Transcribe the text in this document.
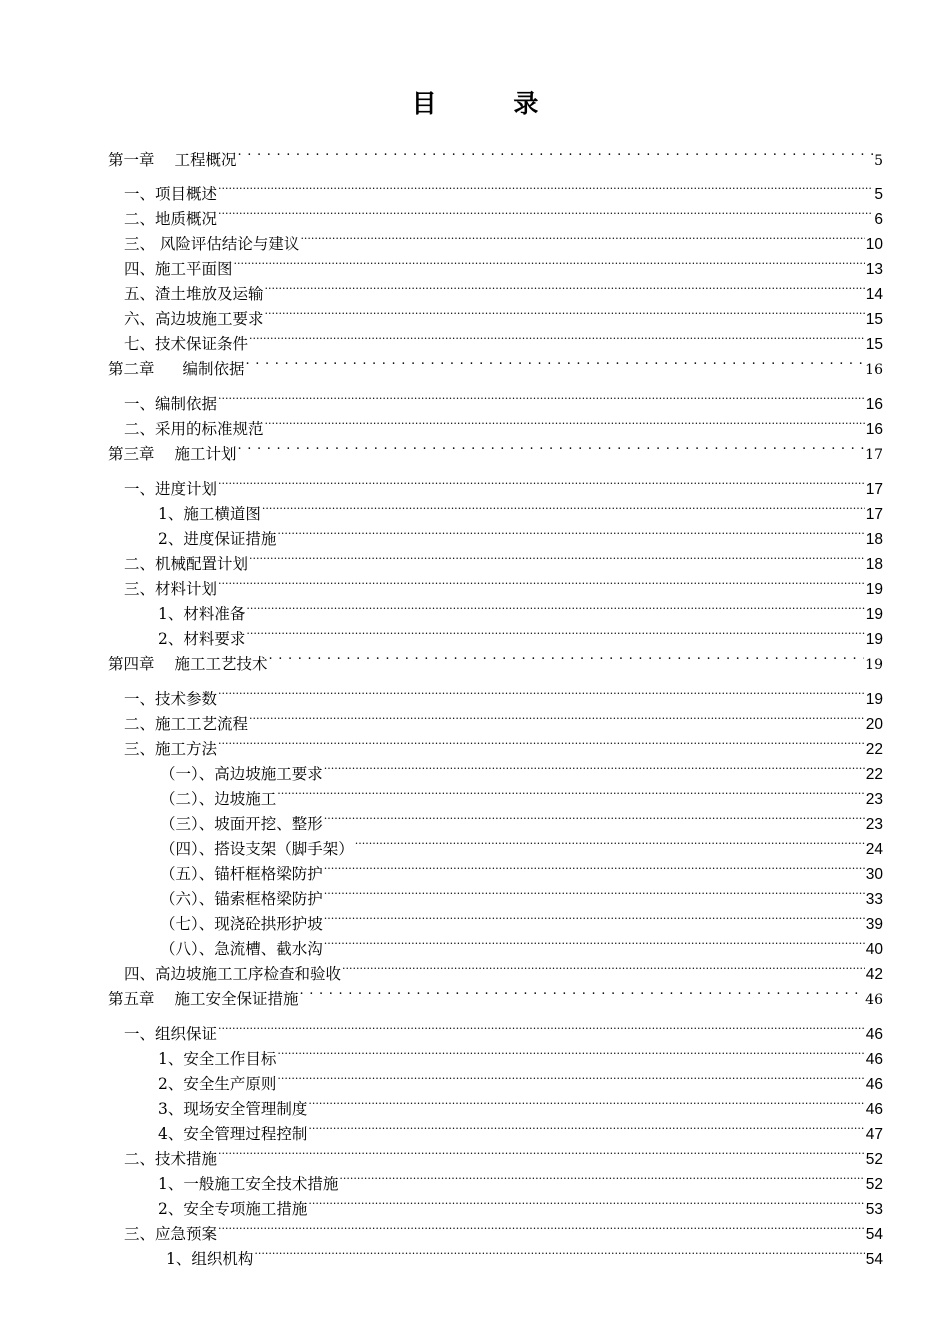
目 录
第一章 工程概况 .....	5
一、项目概述 .....	5
二、地质概况 .....	6
三、 风险评估结论与建议 .....	10
四、施工平面图 .....	13
五、渣土堆放及运输 .....	14
六、高边坡施工要求 .....	15
七、技术保证条件 .....	15
第二章 编制依据 .....	16
一、编制依据 .....	16
二、采用的标准规范 .....	16
第三章 施工计划 .....	17
一、进度计划 .....	17
1、施工横道图 .....	17
2、进度保证措施 .....	18
二、机械配置计划 .....	18
三、材料计划 .....	19
1、材料准备 .....	19
2、材料要求 .....	19
第四章 施工工艺技术 .....	19
一、技术参数 .....	19
二、施工工艺流程 .....	20
三、施工方法 .....	22
（一）、高边坡施工要求 .....	22
（二）、边坡施工 .....	23
（三）、坡面开挖、整形 .....	23
（四）、搭设支架（脚手架） .....	24
（五）、锚杆框格梁防护 .....	30
（六）、锚索框格梁防护 .....	33
（七）、现浇砼拱形护坡 .....	39
（八）、急流槽、截水沟 .....	40
四、高边坡施工工序检查和验收 .....	42
第五章 施工安全保证措施 .....	46
一、组织保证 .....	46
1、安全工作目标 .....	46
2、安全生产原则 .....	46
3、现场安全管理制度 .....	46
4、安全管理过程控制 .....	47
二、技术措施 .....	52
1、一般施工安全技术措施 .....	52
2、安全专项施工措施 .....	53
三、应急预案 .....	54
1、组织机构 .....	54
